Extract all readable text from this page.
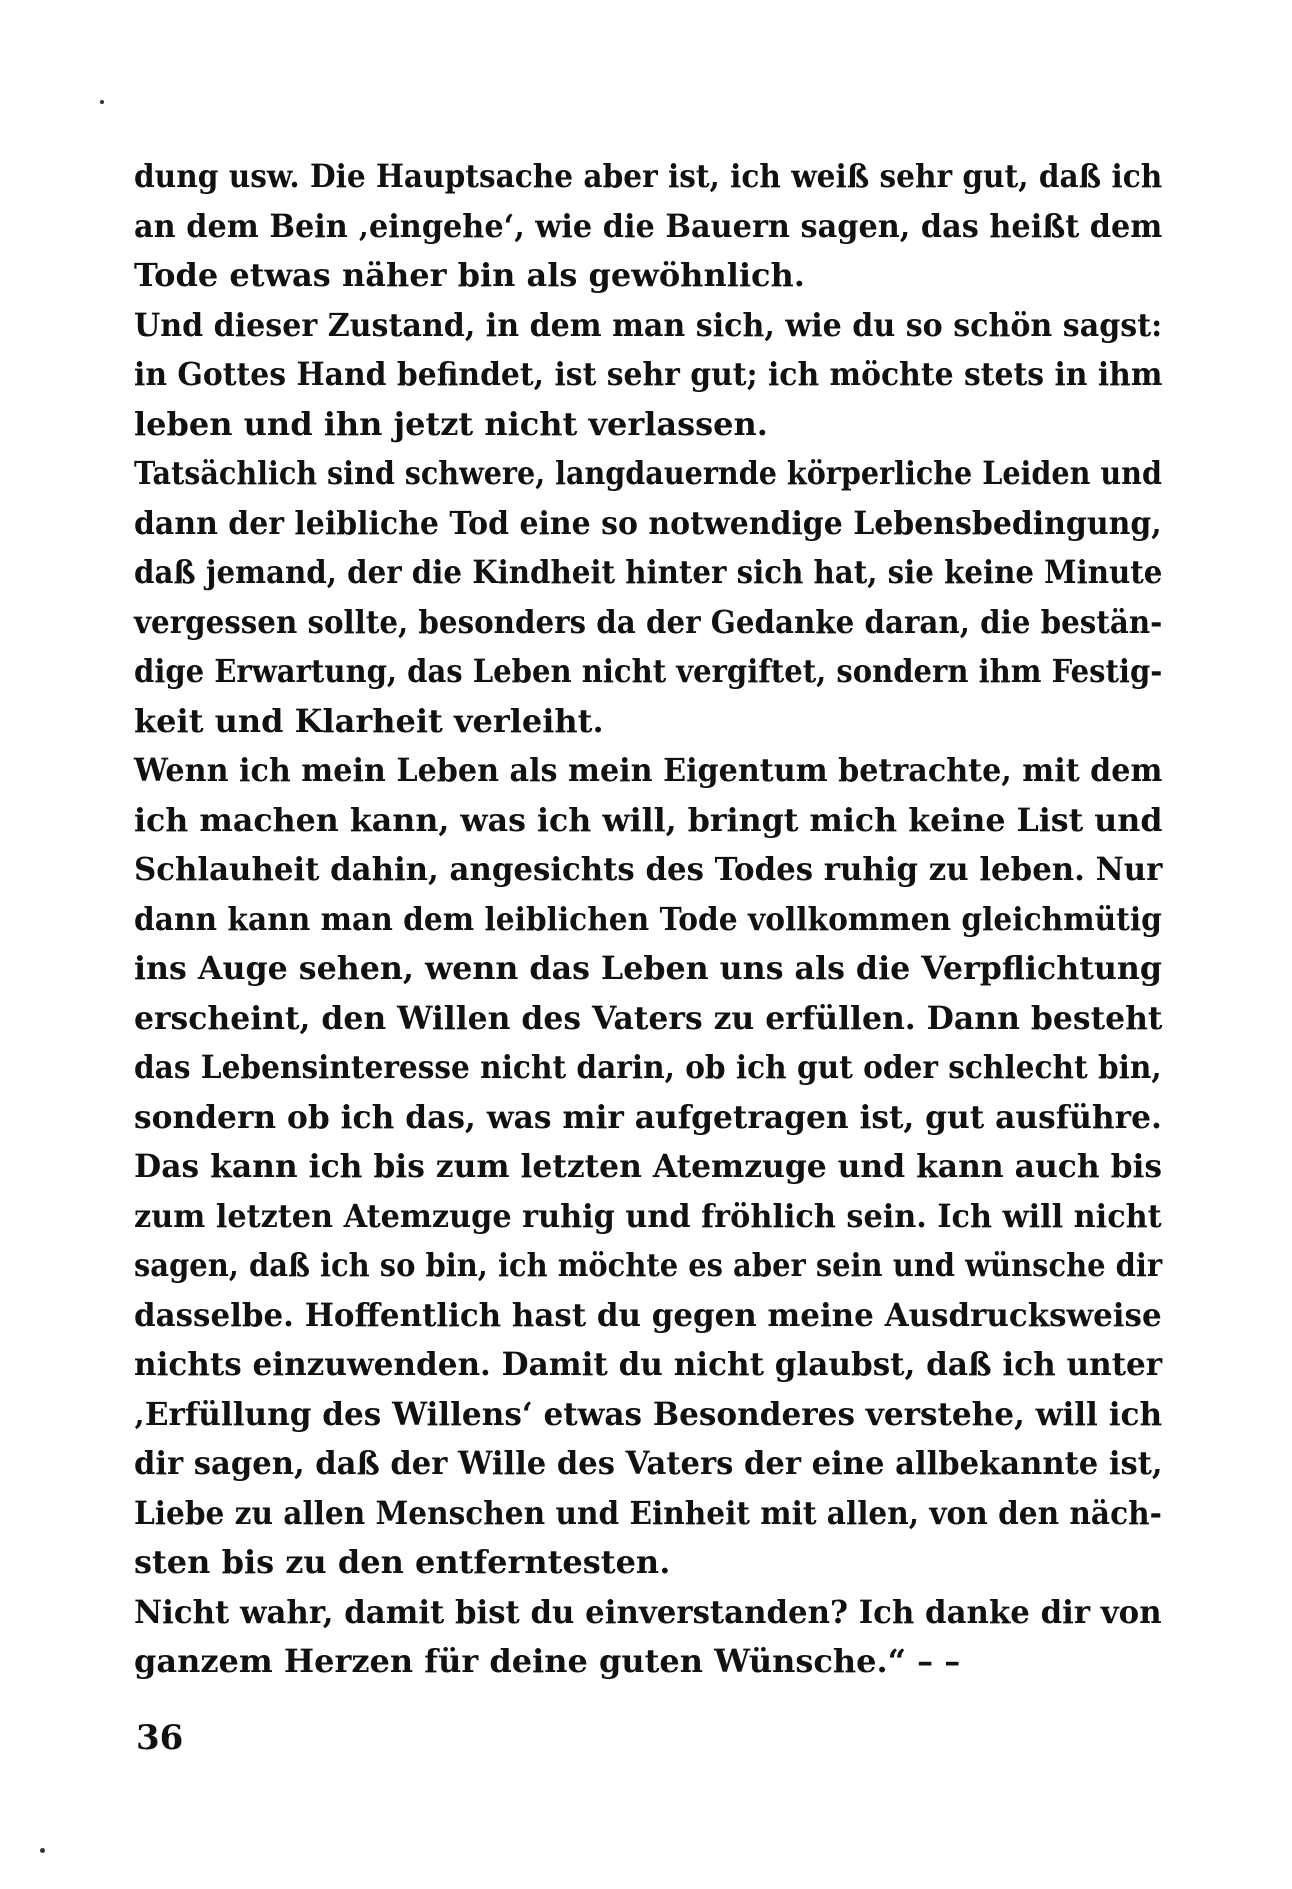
dung usw. Die Hauptsache aber ist, ich weiß sehr gut, daß ich
an dem Bein ‚eingehe‘, wie die Bauern sagen, das heißt dem
Tode etwas näher bin als gewöhnlich.
Und dieser Zustand, in dem man sich, wie du so schön sagst:
in Gottes Hand befindet, ist sehr gut; ich möchte stets in ihm
leben und ihn jetzt nicht verlassen.
Tatsächlich sind schwere, langdauernde körperliche Leiden und
dann der leibliche Tod eine so notwendige Lebensbedingung,
daß jemand, der die Kindheit hinter sich hat, sie keine Minute
vergessen sollte, besonders da der Gedanke daran, die bestän-
dige Erwartung, das Leben nicht vergiftet, sondern ihm Festig-
keit und Klarheit verleiht.
Wenn ich mein Leben als mein Eigentum betrachte, mit dem
ich machen kann, was ich will, bringt mich keine List und
Schlauheit dahin, angesichts des Todes ruhig zu leben. Nur
dann kann man dem leiblichen Tode vollkommen gleichmütig
ins Auge sehen, wenn das Leben uns als die Verpflichtung
erscheint, den Willen des Vaters zu erfüllen. Dann besteht
das Lebensinteresse nicht darin, ob ich gut oder schlecht bin,
sondern ob ich das, was mir aufgetragen ist, gut ausführe.
Das kann ich bis zum letzten Atemzuge und kann auch bis
zum letzten Atemzuge ruhig und fröhlich sein. Ich will nicht
sagen, daß ich so bin, ich möchte es aber sein und wünsche dir
dasselbe. Hoffentlich hast du gegen meine Ausdrucksweise
nichts einzuwenden. Damit du nicht glaubst, daß ich unter
‚Erfüllung des Willens‘ etwas Besonderes verstehe, will ich
dir sagen, daß der Wille des Vaters der eine allbekannte ist,
Liebe zu allen Menschen und Einheit mit allen, von den näch-
sten bis zu den entferntesten.
Nicht wahr, damit bist du einverstanden? Ich danke dir von
ganzem Herzen für deine guten Wünsche.“ – –
36
